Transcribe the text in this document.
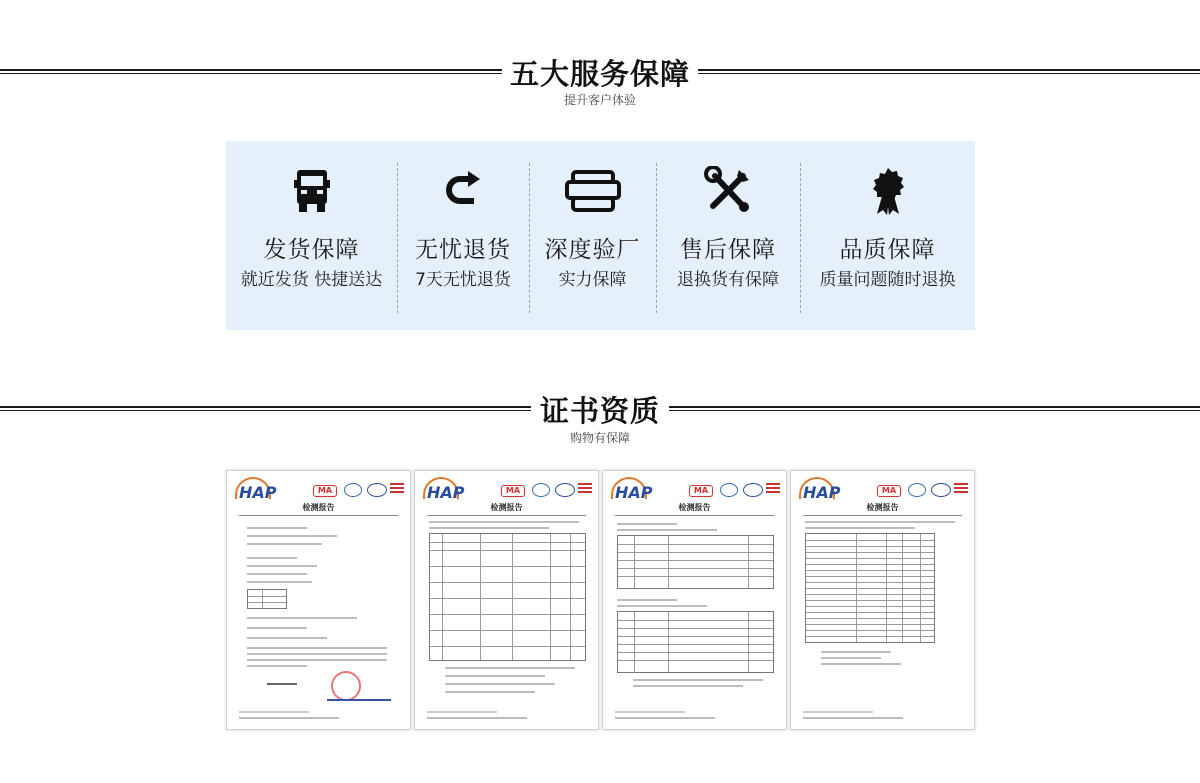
五大服务保障
提升客户体验
发货保障
就近发货 快捷送达
无忧退货
7天无忧退货
深度验厂
实力保障
售后保障
退换货有保障
品质保障
质量问题随时退换
证书资质
购物有保障
HAP	MA
检测报告
HAP	MA
检测报告
HAP	MA
检测报告
HAP	MA
检测报告
